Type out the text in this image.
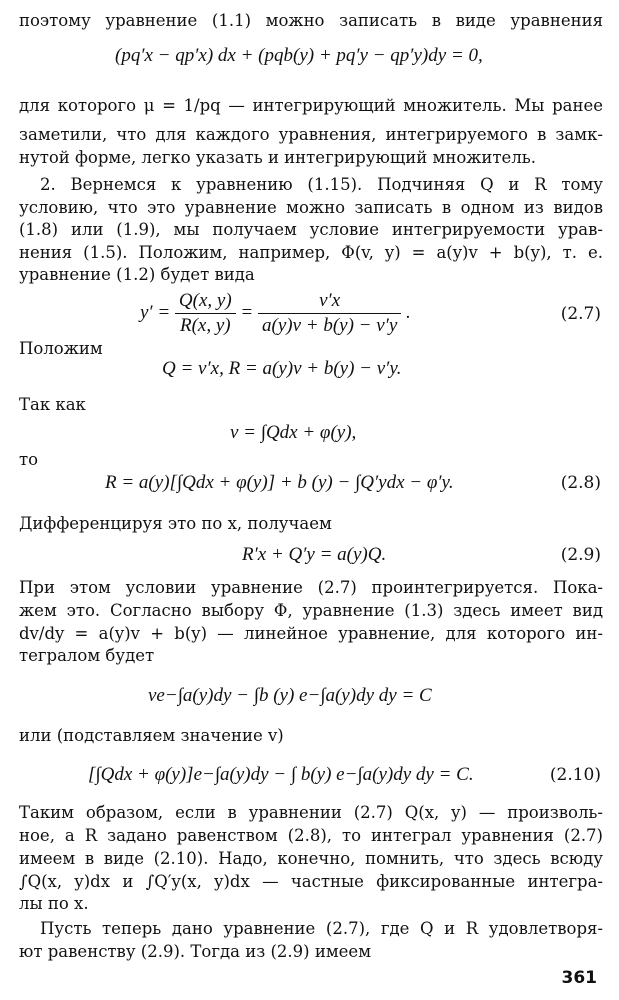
поэтому уравнение (1.1) можно записать в виде уравнения
(pq′x − qp′x) dx + (pqb(y) + pq′y − qp′y)dy = 0,
для которого μ = 1/pq — интегрирующий множитель. Мы ранее
заметили, что для каждого уравнения, интегрируемого в замк-
нутой форме, легко указать и интегрирующий множитель.
2. Вернемся к уравнению (1.15). Подчиняя Q и R тому
условию, что это уравнение можно записать в одном из видов
(1.8) или (1.9), мы получаем условие интегрируемости урав-
нения (1.5). Положим, например, Φ(v, y) = a(y)v + b(y), т. е.
уравнение (1.2) будет вида
$y' = \frac{Q(x, y)}{R(x, y)} = \frac{v'x}{a(y)v + b(y) - v'y}$ .	(2.7)
Положим
Q = v′x, R = a(y)v + b(y) − v′y.
Так как
v = ∫Qdx + φ(y),
то
R = a(y)[∫Qdx + φ(y)] + b (y) − ∫Q′ydx − φ′y.	(2.8)
Дифференцируя это по x, получаем
R′x + Q′y = a(y)Q.	(2.9)
При этом условии уравнение (2.7) проинтегрируется. Пока-
жем это. Согласно выбору Φ, уравнение (1.3) здесь имеет вид
dv/dy = a(y)v + b(y) — линейное уравнение, для которого ин-
тегралом будет
ve−∫a(y)dy − ∫b (y) e−∫a(y)dy dy = C
или (подставляем значение v)
[∫Qdx + φ(y)]e−∫a(y)dy − ∫ b(y) e−∫a(y)dy dy = C.	(2.10)
Таким образом, если в уравнении (2.7) Q(x, y) — произволь-
ное, а R задано равенством (2.8), то интеграл уравнения (2.7)
имеем в виде (2.10). Надо, конечно, помнить, что здесь всюду
∫Q(x, y)dx и ∫Q′y(x, y)dx — частные фиксированные интегра-
лы по x.
Пусть теперь дано уравнение (2.7), где Q и R удовлетворя-
ют равенству (2.9). Тогда из (2.9) имеем
361
